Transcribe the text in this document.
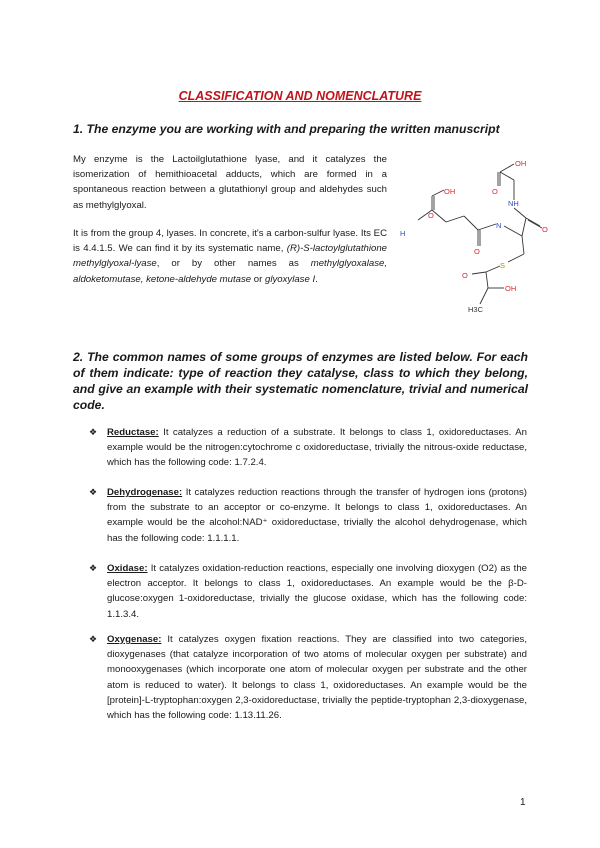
CLASSIFICATION AND NOMENCLATURE
1. The enzyme you are working with and preparing the written manuscript
My enzyme is the Lactoilglutathione lyase, and it catalyzes the isomerization of hemithioacetal adducts, which are formed in a spontaneous reaction between a glutathionyl group and aldehydes such as methylglyoxal.
It is from the group 4, lyases. In concrete, it's a carbon-sulfur lyase. Its EC is 4.4.1.5. We can find it by its systematic name, (R)-S-lactoylglutathione methylglyoxal-lyase, or by other names as methylglyoxalase, aldoketomutase, ketone-aldehyde mutase or glyoxylase I.
OH
O
OH
O
NH
N	O
H
O
S
O
OH
H3C
2. The common names of some groups of enzymes are listed below. For each of them indicate: type of reaction they catalyse, class to which they belong, and give an example with their systematic nomenclature, trivial and numerical code.
❖ Reductase: It catalyzes a reduction of a substrate. It belongs to class 1, oxidoreductases. An example would be the nitrogen:cytochrome c oxidoreductase, trivially the nitrous-oxide reductase, which has the following code: 1.7.2.4.
❖ Dehydrogenase: It catalyzes reduction reactions through the transfer of hydrogen ions (protons) from the substrate to an acceptor or co-enzyme. It belongs to class 1, oxidoreductases. An example would be the alcohol:NAD⁺ oxidoreductase, trivially the alcohol dehydrogenase, which has the following code: 1.1.1.1.
❖ Oxidase: It catalyzes oxidation-reduction reactions, especially one involving dioxygen (O2) as the electron acceptor. It belongs to class 1, oxidoreductases. An example would be the β-D-glucose:oxygen 1-oxidoreductase, trivially the glucose oxidase, which has the following code: 1.1.3.4.
❖ Oxygenase: It catalyzes oxygen fixation reactions. They are classified into two categories, dioxygenases (that catalyze incorporation of two atoms of molecular oxygen per substrate) and monooxygenases (which incorporate one atom of molecular oxygen per substrate and the other atom is reduced to water). It belongs to class 1, oxidoreductases. An example would be the [protein]-L-tryptophan:oxygen 2,3-oxidoreductase, trivially the peptide-tryptophan 2,3-dioxygenase, which has the following code: 1.13.11.26.
1
